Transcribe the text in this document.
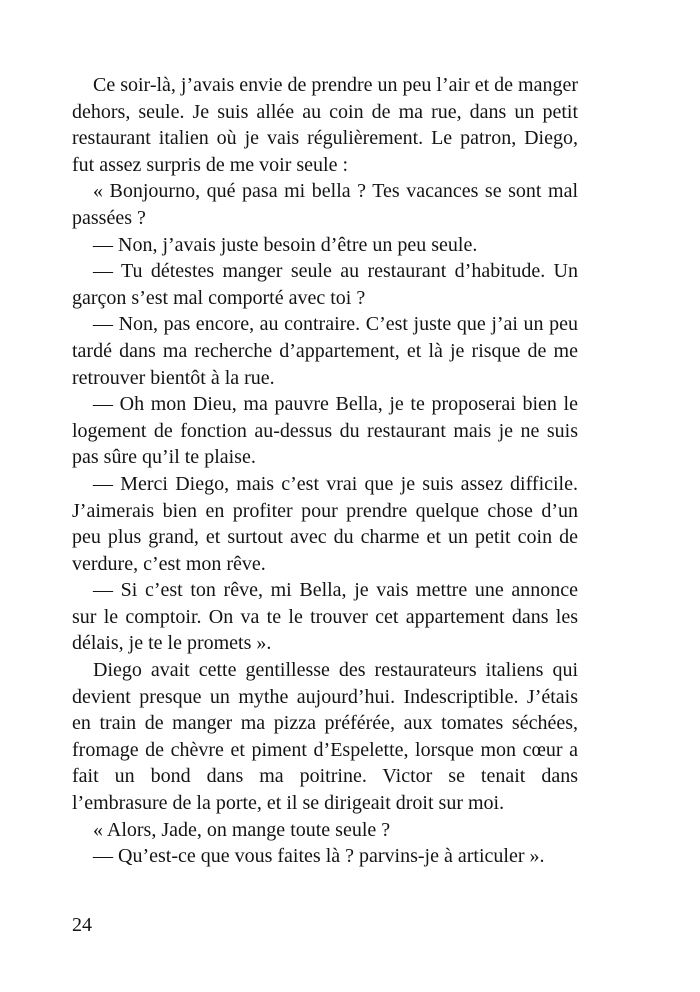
Ce soir-là, j’avais envie de prendre un peu l’air et de manger dehors, seule. Je suis allée au coin de ma rue, dans un petit restaurant italien où je vais régulièrement. Le patron, Diego, fut assez surpris de me voir seule :

« Bonjourno, qué pasa mi bella ? Tes vacances se sont mal passées ?

— Non, j’avais juste besoin d’être un peu seule.

— Tu détestes manger seule au restaurant d’habitude. Un garçon s’est mal comporté avec toi ?

— Non, pas encore, au contraire. C’est juste que j’ai un peu tardé dans ma recherche d’appartement, et là je risque de me retrouver bientôt à la rue.

— Oh mon Dieu, ma pauvre Bella, je te proposerai bien le logement de fonction au-dessus du restaurant mais je ne suis pas sûre qu’il te plaise.

— Merci Diego, mais c’est vrai que je suis assez difficile. J’aimerais bien en profiter pour prendre quelque chose d’un peu plus grand, et surtout avec du charme et un petit coin de verdure, c’est mon rêve.

— Si c’est ton rêve, mi Bella, je vais mettre une annonce sur le comptoir. On va te le trouver cet appartement dans les délais, je te le promets ».

Diego avait cette gentillesse des restaurateurs italiens qui devient presque un mythe aujourd’hui. Indescriptible. J’étais en train de manger ma pizza préférée, aux tomates séchées, fromage de chèvre et piment d’Espelette, lorsque mon cœur a fait un bond dans ma poitrine. Victor se tenait dans l’embrasure de la porte, et il se dirigeait droit sur moi.

« Alors, Jade, on mange toute seule ?

— Qu’est-ce que vous faites là ? parvins-je à articuler ».

24
